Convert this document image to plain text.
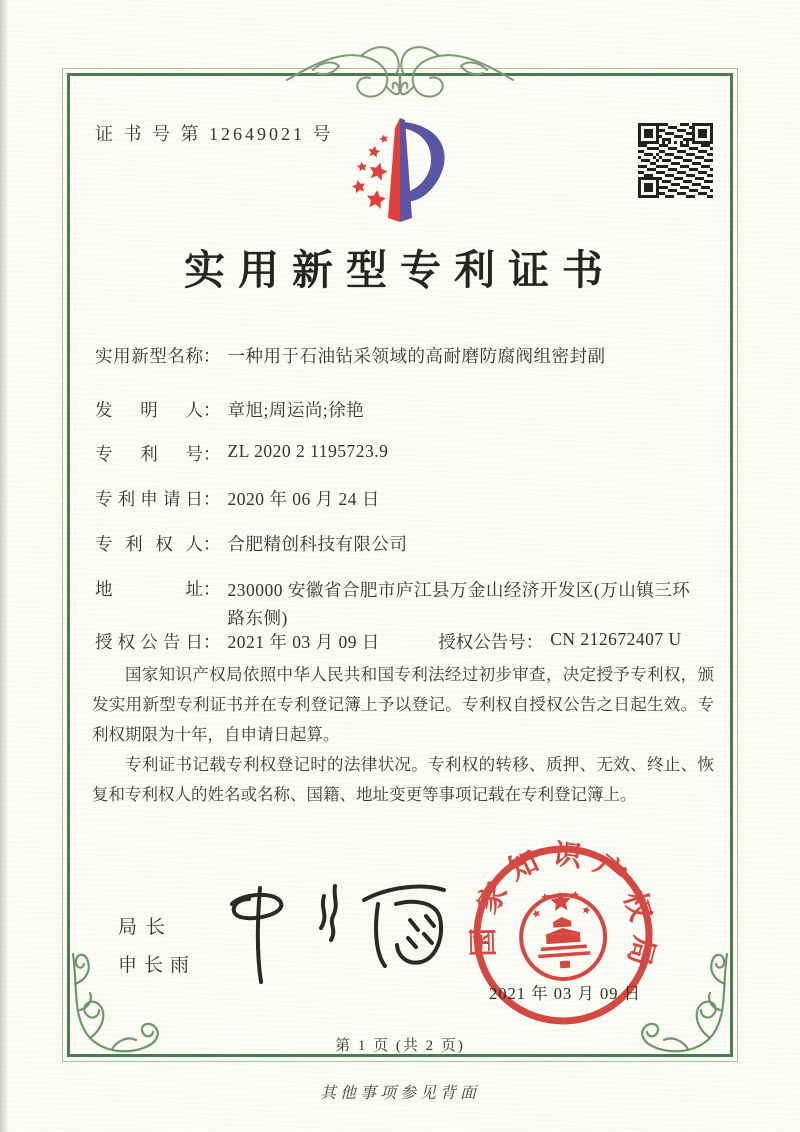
证 书 号 第 12649021 号
实用新型专利证书
实用新型名称： 一种用于石油钻采领域的高耐磨防腐阀组密封副
发明人： 章旭;周运尚;徐艳
专利号： ZL 2020 2 1195723.9
专利申请日： 2020 年 06 月 24 日
专利权人： 合肥精创科技有限公司
地址： 230000 安徽省合肥市庐江县万金山经济开发区(万山镇三环路东侧)
授权公告日： 2021 年 03 月 09 日	授权公告号： CN 212672407 U

国家知识产权局依照中华人民共和国专利法经过初步审查，决定授予专利权，颁发实用新型专利证书并在专利登记簿上予以登记。专利权自授权公告之日起生效。专利权期限为十年，自申请日起算。

专利证书记载专利权登记时的法律状况。专利权的转移、质押、无效、终止、恢复和专利权人的姓名或名称、国籍、地址变更等事项记载在专利登记簿上。

局长
申长雨
国家知识产权局
2021 年 03 月 09 日
第 1 页 (共 2 页)
其他事项参见背面
